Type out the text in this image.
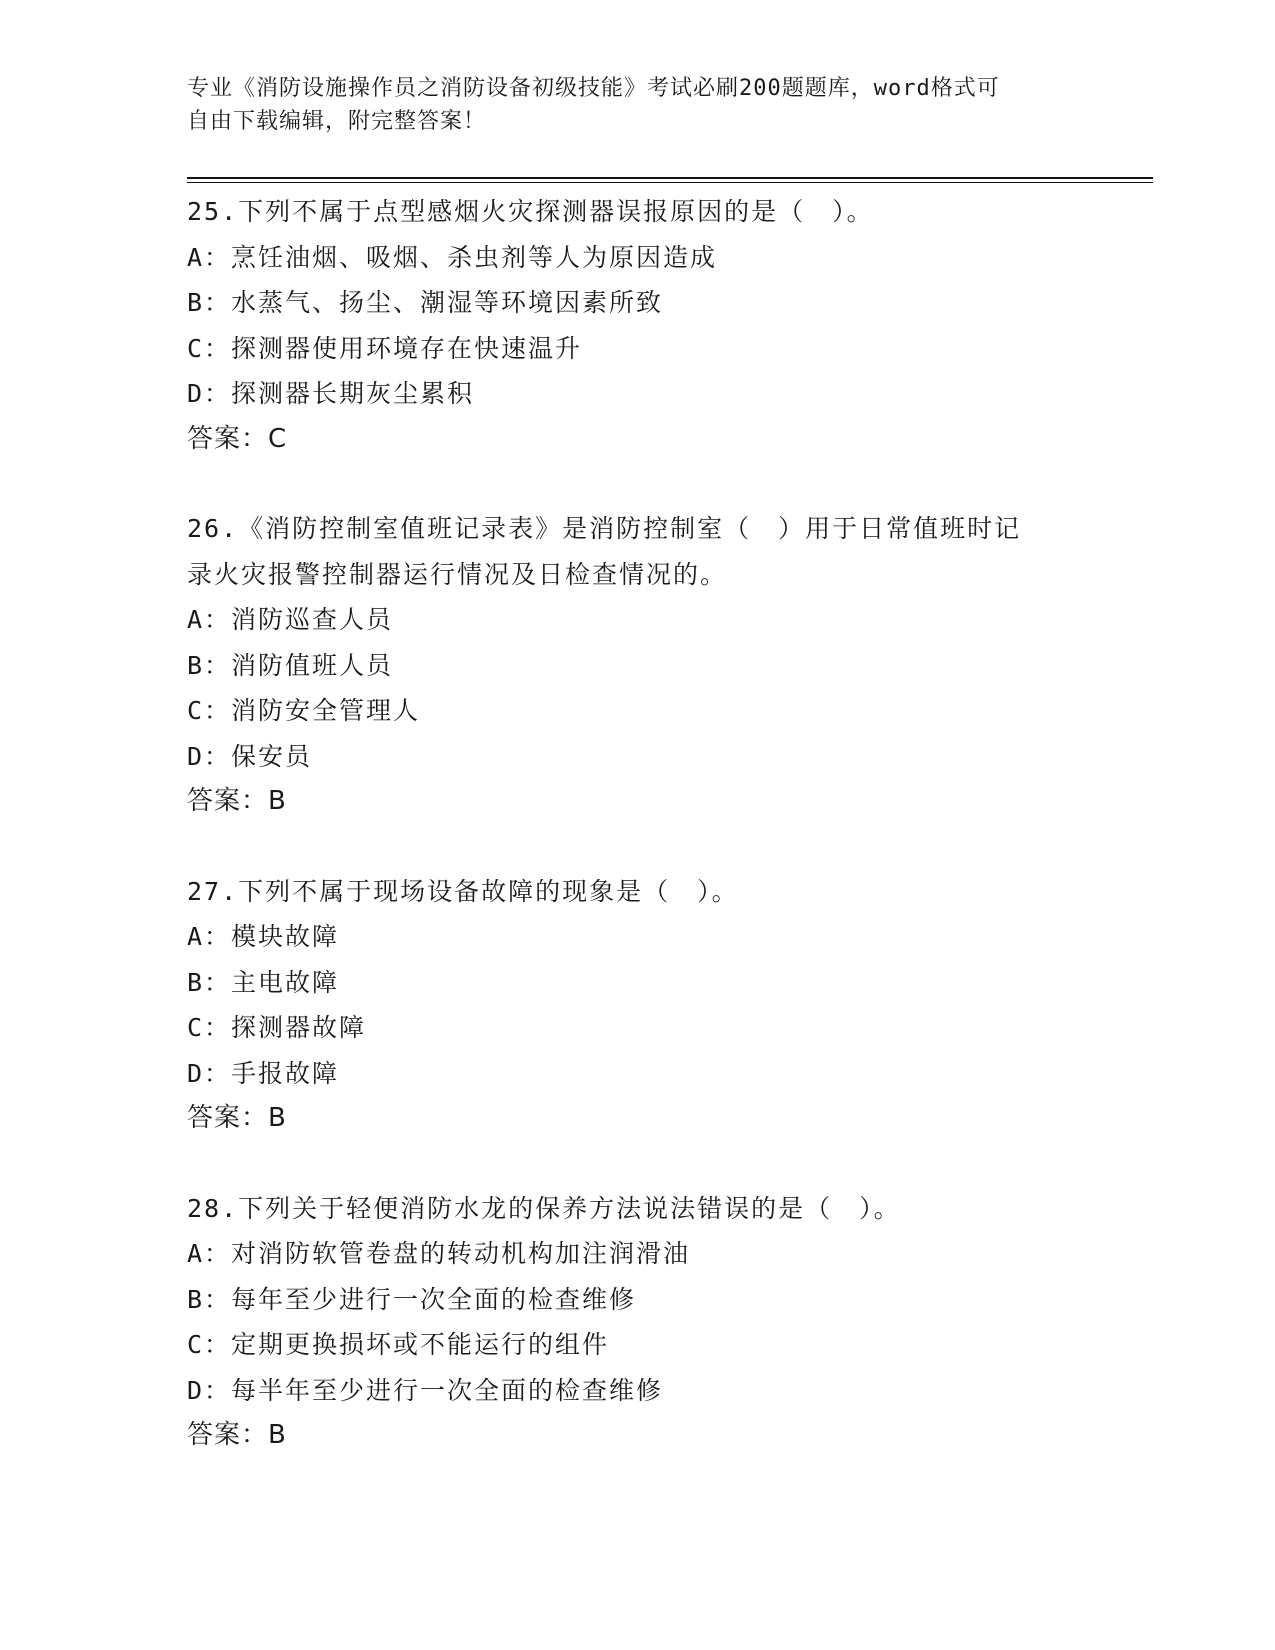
专业《消防设施操作员之消防设备初级技能》考试必刷200题题库，word格式可
自由下载编辑，附完整答案！
25.下列不属于点型感烟火灾探测器误报原因的是（　）。
A：烹饪油烟、吸烟、杀虫剂等人为原因造成
B：水蒸气、扬尘、潮湿等环境因素所致
C：探测器使用环境存在快速温升
D：探测器长期灰尘累积
答案：C
26.《消防控制室值班记录表》是消防控制室（　）用于日常值班时记
录火灾报警控制器运行情况及日检查情况的。
A：消防巡查人员
B：消防值班人员
C：消防安全管理人
D：保安员
答案：B
27.下列不属于现场设备故障的现象是（　）。
A：模块故障
B：主电故障
C：探测器故障
D：手报故障
答案：B
28.下列关于轻便消防水龙的保养方法说法错误的是（　）。
A：对消防软管卷盘的转动机构加注润滑油
B：每年至少进行一次全面的检查维修
C：定期更换损坏或不能运行的组件
D：每半年至少进行一次全面的检查维修
答案：B
